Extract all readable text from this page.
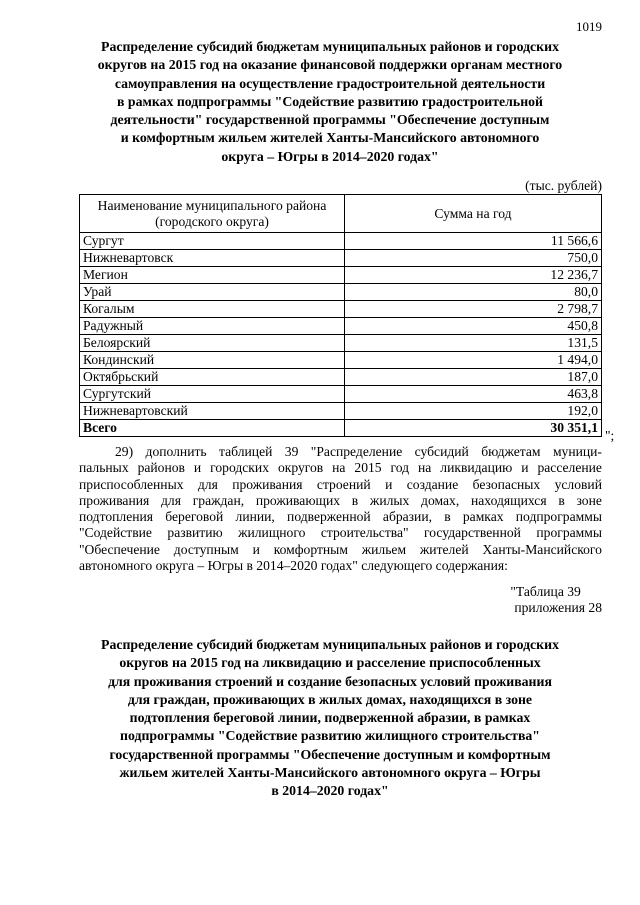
1019
Распределение субсидий бюджетам муниципальных районов и городских
округов на 2015 год на оказание финансовой поддержки органам местного
самоуправления на осуществление градостроительной деятельности
в рамках подпрограммы "Содействие развитию градостроительной
деятельности" государственной программы "Обеспечение доступным
и комфортным жильем жителей Ханты-Мансийского автономного
округа – Югры в 2014–2020 годах"
(тыс. рублей)
Наименование муниципального района (городского округа)	Сумма на год
Сургут	11 566,6
Нижневартовск	750,0
Мегион	12 236,7
Урай	80,0
Когалым	2 798,7
Радужный	450,8
Белоярский	131,5
Кондинский	1 494,0
Октябрьский	187,0
Сургутский	463,8
Нижневартовский	192,0
Всего	30 351,1
";
29) дополнить таблицей 39 "Распределение субсидий бюджетам муници-
пальных районов и городских округов на 2015 год на ликвидацию и расселение
приспособленных для проживания строений и создание безопасных условий
проживания для граждан, проживающих в жилых домах, находящихся в зоне
подтопления береговой линии, подверженной абразии, в рамках подпрограммы
"Содействие развитию жилищного строительства" государственной программы
"Обеспечение доступным и комфортным жильем жителей Ханты-Мансийского
автономного округа – Югры в 2014–2020 годах" следующего содержания:
"Таблица 39
приложения 28
Распределение субсидий бюджетам муниципальных районов и городских
округов на 2015 год на ликвидацию и расселение приспособленных
для проживания строений и создание безопасных условий проживания
для граждан, проживающих в жилых домах, находящихся в зоне
подтопления береговой линии, подверженной абразии, в рамках
подпрограммы "Содействие развитию жилищного строительства"
государственной программы "Обеспечение доступным и комфортным
жильем жителей Ханты-Мансийского автономного округа – Югры
в 2014–2020 годах"
